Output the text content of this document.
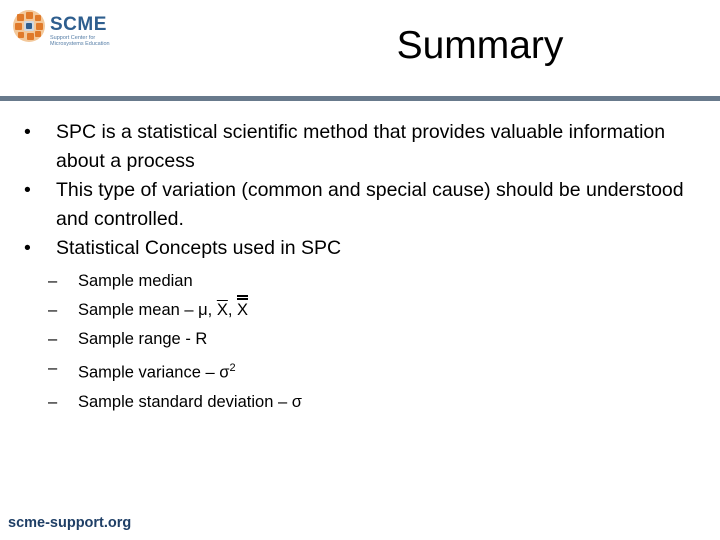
SCME
Support Center for
Microsystems Education	Summary
• SPC is a statistical scientific method that provides valuable information about a process
• This type of variation (common and special cause) should be understood and controlled.
• Statistical Concepts used in SPC
– Sample median
– Sample mean – μ, $\overline{X}$, X
– Sample range - R
– Sample variance – $\sigma^2$
– Sample standard deviation – σ
scme-support.org
